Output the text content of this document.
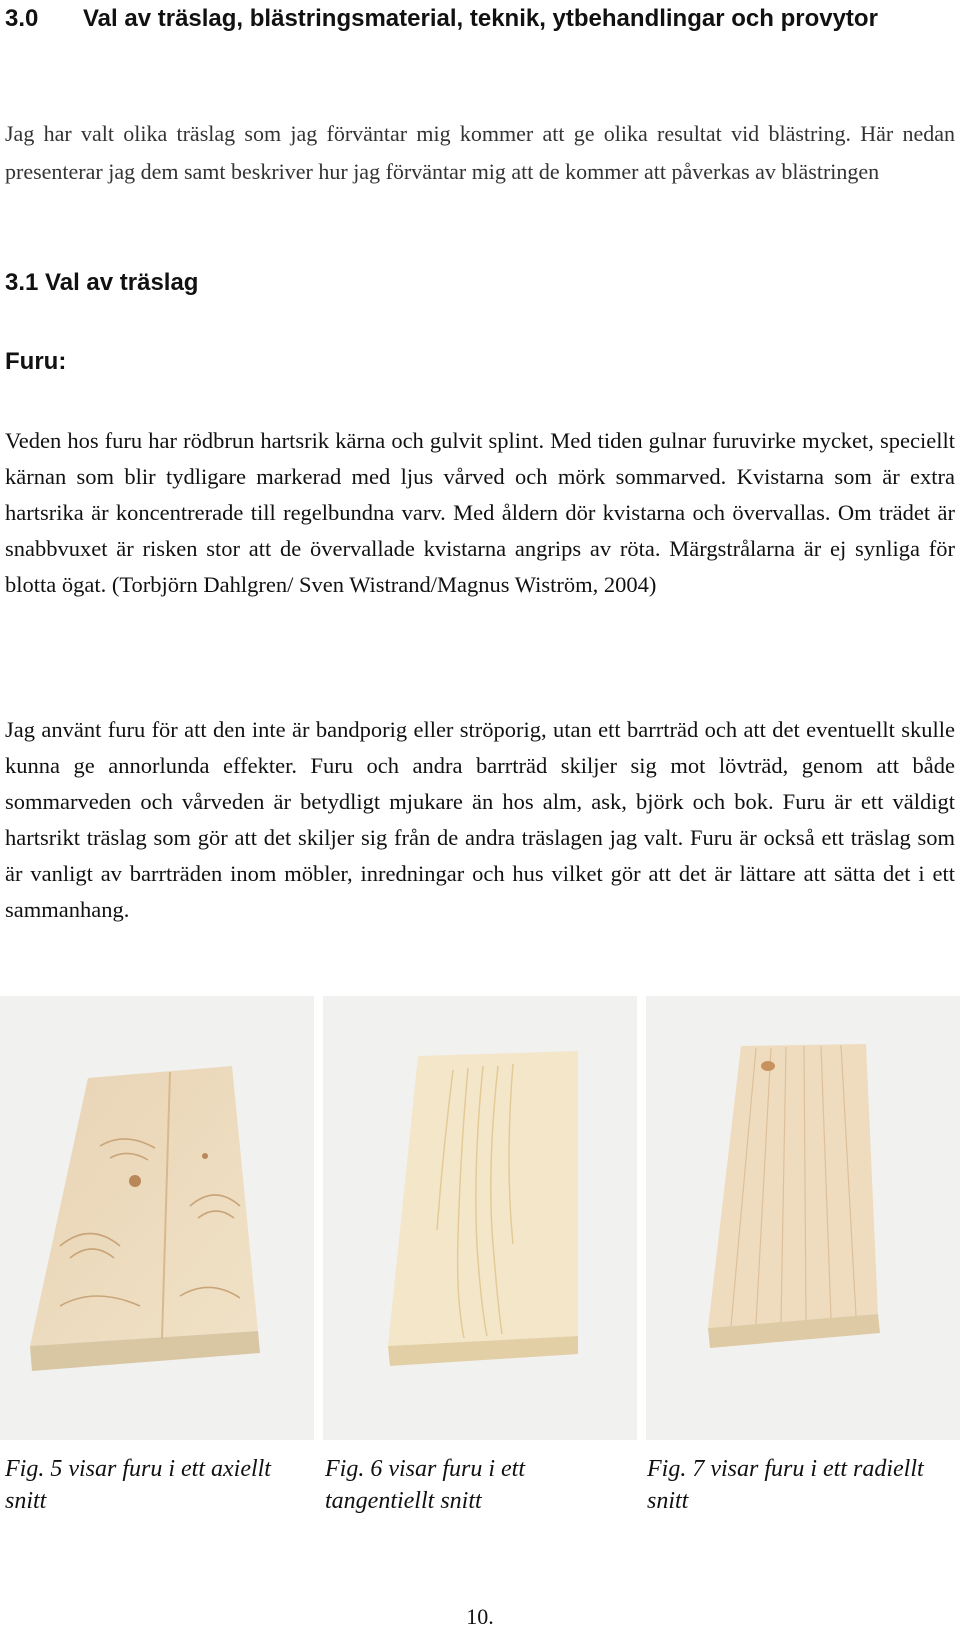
3.0 Val av träslag, blästringsmaterial, teknik, ytbehandlingar och provytor

Jag har valt olika träslag som jag förväntar mig kommer att ge olika resultat vid blästring. Här nedan presenterar jag dem samt beskriver hur jag förväntar mig att de kommer att påverkas av blästringen

3.1 Val av träslag
Furu:

Veden hos furu har rödbrun hartsrik kärna och gulvit splint. Med tiden gulnar furuvirke mycket, speciellt kärnan som blir tydligare markerad med ljus vårved och mörk sommarved. Kvistarna som är extra hartsrika är koncentrerade till regelbundna varv. Med åldern dör kvistarna och övervallas. Om trädet är snabbvuxet är risken stor att de övervallade kvistarna angrips av röta. Märgstrålarna är ej synliga för blotta ögat. (Torbjörn Dahlgren/ Sven Wistrand/Magnus Wiström, 2004)

Jag använt furu för att den inte är bandporig eller ströporig, utan ett barrträd och att det eventuellt skulle kunna ge annorlunda effekter. Furu och andra barrträd skiljer sig mot lövträd, genom att både sommarveden och vårveden är betydligt mjukare än hos alm, ask, björk och bok. Furu är ett väldigt hartsrikt träslag som gör att det skiljer sig från de andra träslagen jag valt. Furu är också ett träslag som är vanligt av barrträden inom möbler, inredningar och hus vilket gör att det är lättare att sätta det i ett sammanhang.

Fig. 5 visar furu i ett axiellt snitt

Fig. 6 visar furu i ett tangentiellt snitt

Fig. 7 visar furu i ett radiellt snitt

10.
